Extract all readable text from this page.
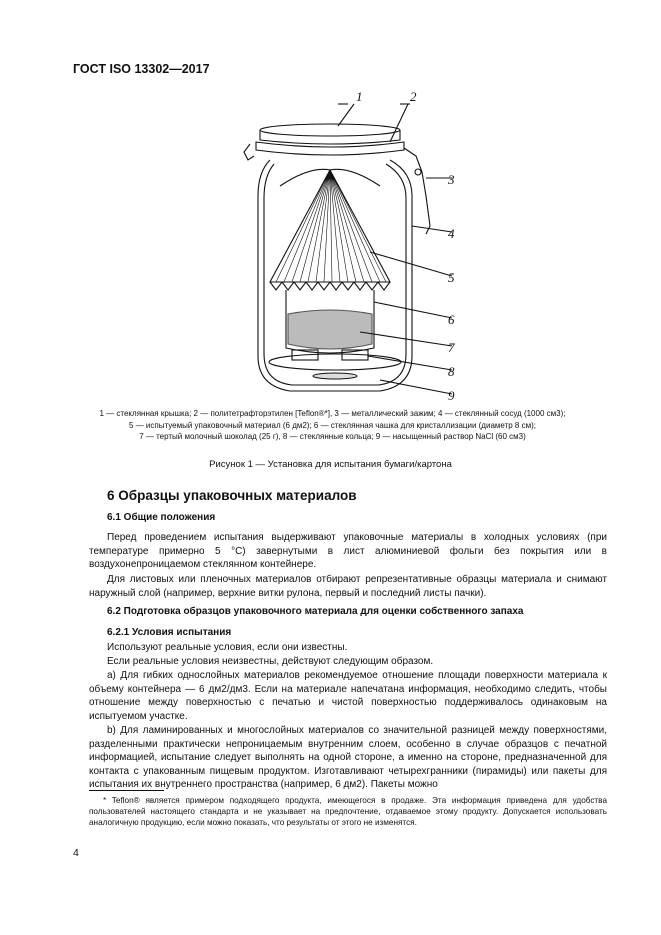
ГОСТ ISO 13302—2017
1	2
3
4
5
6
7
8
9
1 — стеклянная крышка; 2 — политетрафторэтилен [Teflon®*], 3 — металлический зажим; 4 — стеклянный сосуд (1000 см3);
5 — испытуемый упаковочный материал (6 дм2); 6 — стеклянная чашка для кристаллизации (диаметр 8 см);
7 — тертый молочный шоколад (25 г), 8 — стеклянные кольца; 9 — насыщенный раствор NaCl (60 см3)
Рисунок 1 — Установка для испытания бумаги/картона
6 Образцы упаковочных материалов
6.1 Общие положения
Перед проведением испытания выдерживают упаковочные материалы в холодных условиях (при температуре примерно 5 °С) завернутыми в лист алюминиевой фольги без покрытия или в воздухонепроницаемом стеклянном контейнере.
Для листовых или пленочных материалов отбирают репрезентативные образцы материала и снимают наружный слой (например, верхние витки рулона, первый и последний листы пачки).
6.2 Подготовка образцов упаковочного материала для оценки собственного запаха
6.2.1 Условия испытания
Используют реальные условия, если они известны.
Если реальные условия неизвестны, действуют следующим образом.
а) Для гибких однослойных материалов рекомендуемое отношение площади поверхности материала к объему контейнера — 6 дм2/дм3. Если на материале напечатана информация, необходимо следить, чтобы отношение между поверхностью с печатью и чистой поверхностью поддерживалось одинаковым на испытуемом участке.
b) Для ламинированных и многослойных материалов со значительной разницей между поверхностями, разделенными практически непроницаемым внутренним слоем, особенно в случае образцов с печатной информацией, испытание следует выполнять на одной стороне, а именно на стороне, предназначенной для контакта с упакованным пищевым продуктом. Изготавливают четырехгранники (пирамиды) или пакеты для испытания их внутреннего пространства (например, 6 дм2). Пакеты можно
* Teflon® является примером подходящего продукта, имеющегося в продаже. Эта информация приведена для удобства пользователей настоящего стандарта и не указывает на предпочтение, отдаваемое этому продукту. Допускается использовать аналогичную продукцию, если можно показать, что результаты от этого не изменятся.
4
